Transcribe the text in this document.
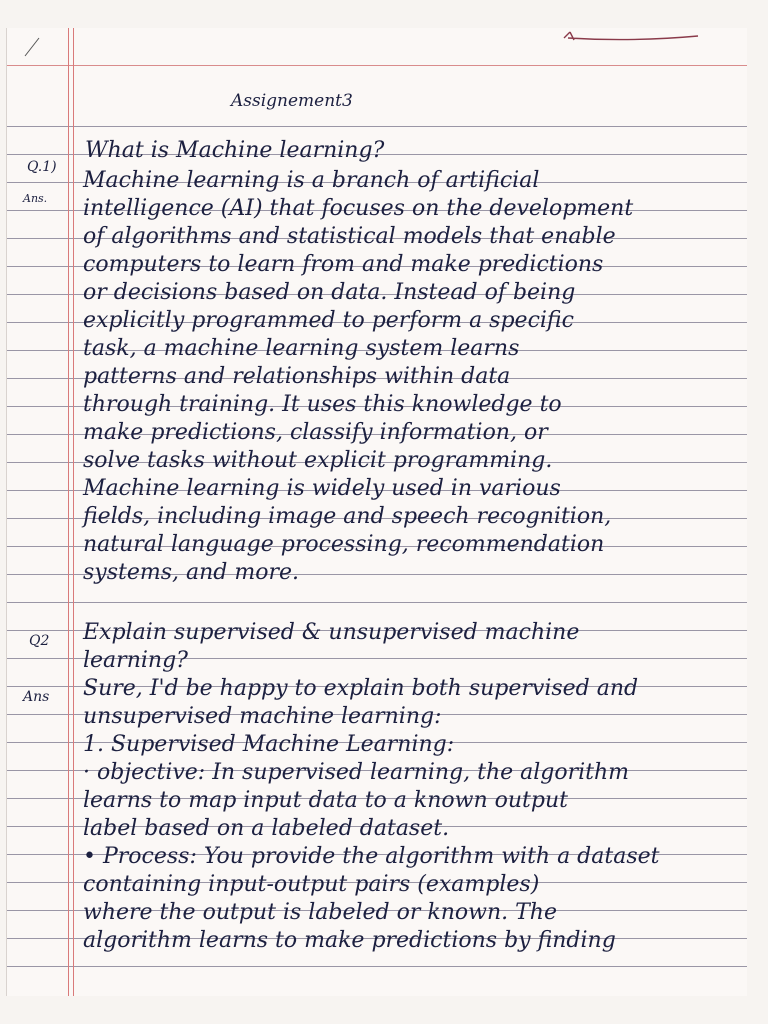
Assignement3

Q.1)

What is Machine learning?

Ans.

Machine learning is a branch of artificial

intelligence (AI) that focuses on the development

of algorithms and statistical models that enable

computers to learn from and make predictions

or decisions based on data. Instead of being

explicitly programmed to perform a specific

task, a machine learning system learns

patterns and relationships within data

through training. It uses this knowledge to

make predictions, classify information, or

solve tasks without explicit programming.

Machine learning is widely used in various

fields, including image and speech recognition,

natural language processing, recommendation

systems, and more.

Q2 Explain supervised & unsupervised machine

learning?

Ans Sure, I'd be happy to explain both supervised and

unsupervised machine learning:

1. Supervised Machine Learning:

· objective: In supervised learning, the algorithm

learns to map input data to a known output

label based on a labeled dataset.

• Process: You provide the algorithm with a dataset

containing input-output pairs (examples)

where the output is labeled or known. The

algorithm learns to make predictions by finding
